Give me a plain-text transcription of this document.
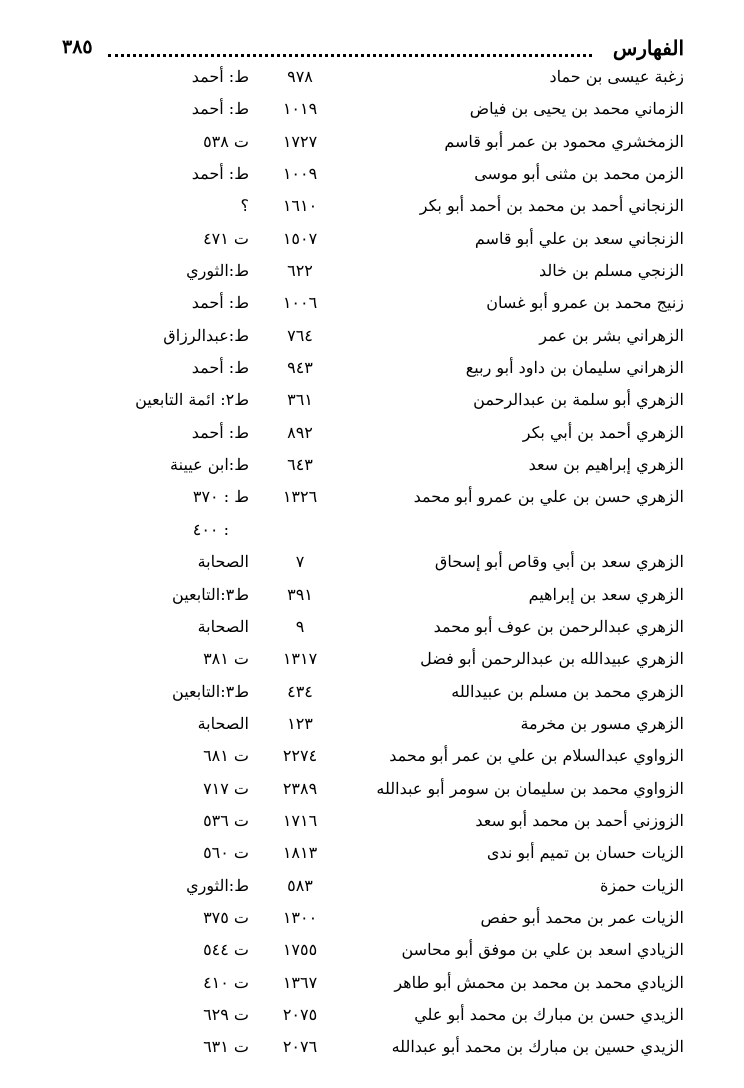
٣٨٥	الفهارس
زغبة عيسى بن حماد
٩٧٨
ط: أحمد
الزماني محمد بن يحيى بن فياض
١٠١٩
ط: أحمد
الزمخشري محمود بن عمر أبو قاسم
١٧٢٧
ت ٥٣٨
الزمن محمد بن مثنى أبو موسى
١٠٠٩
ط: أحمد
الزنجاني أحمد بن محمد بن أحمد أبو بكر
١٦١٠
؟
الزنجاني سعد بن علي أبو قاسم
١٥٠٧
ت ٤٧١
الزنجي مسلم بن خالد
٦٢٢
ط:الثوري
زنيج محمد بن عمرو أبو غسان
١٠٠٦
ط: أحمد
الزهراني بشر بن عمر
٧٦٤
ط:عبدالرزاق
الزهراني سليمان بن داود أبو ربيع
٩٤٣
ط: أحمد
الزهري أبو سلمة بن عبدالرحمن
٣٦١
ط٢: ائمة التابعين
الزهري أحمد بن أبي بكر
٨٩٢
ط: أحمد
الزهري إبراهيم بن سعد
٦٤٣
ط:ابن عيينة
الزهري حسن بن علي بن عمرو أبو محمد
١٣٢٦
ط : ٣٧٠
: ٤٠٠
الزهري سعد بن أبي وقاص أبو إسحاق
٧
الصحابة
الزهري سعد بن إبراهيم
٣٩١
ط٣:التابعين
الزهري عبدالرحمن بن عوف أبو محمد
٩
الصحابة
الزهري عبيدالله بن عبدالرحمن أبو فضل
١٣١٧
ت ٣٨١
الزهري محمد بن مسلم بن عبيدالله
٤٣٤
ط٣:التابعين
الزهري مسور بن مخرمة
١٢٣
الصحابة
الزواوي عبدالسلام بن علي بن عمر أبو محمد
٢٢٧٤
ت ٦٨١
الزواوي محمد بن سليمان بن سومر أبو عبدالله
٢٣٨٩
ت ٧١٧
الزوزني أحمد بن محمد أبو سعد
١٧١٦
ت ٥٣٦
الزيات حسان بن تميم أبو ندى
١٨١٣
ت ٥٦٠
الزيات حمزة
٥٨٣
ط:الثوري
الزيات عمر بن محمد أبو حفص
١٣٠٠
ت ٣٧٥
الزيادي اسعد بن علي بن موفق أبو محاسن
١٧٥٥
ت ٥٤٤
الزيادي محمد بن محمد بن محمش أبو طاهر
١٣٦٧
ت ٤١٠
الزيدي حسن بن مبارك بن محمد أبو علي
٢٠٧٥
ت ٦٢٩
الزيدي حسين بن مبارك بن محمد أبو عبدالله
٢٠٧٦
ت ٦٣١
